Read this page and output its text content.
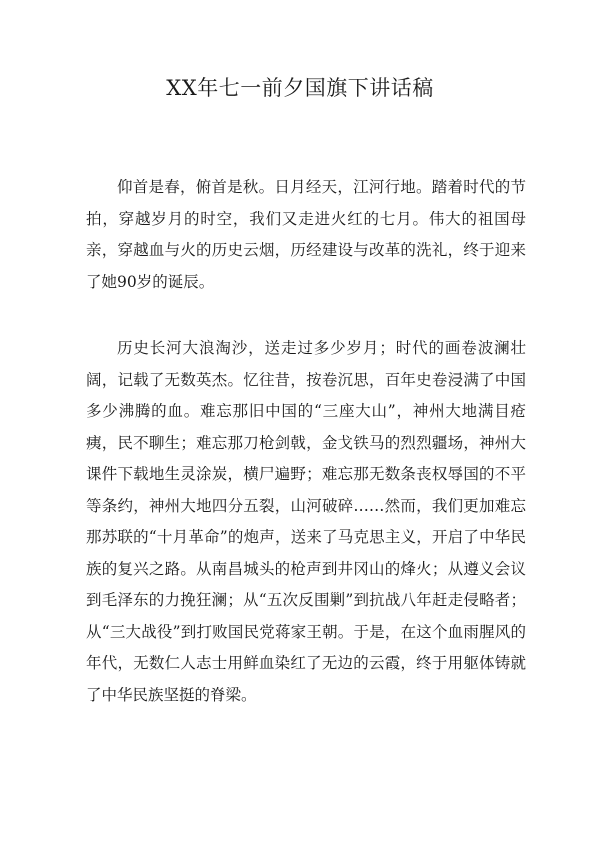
XX年七一前夕国旗下讲话稿

仰首是春，俯首是秋。日月经天，江河行地。踏着时代的节拍，穿越岁月的时空，我们又走进火红的七月。伟大的祖国母亲，穿越血与火的历史云烟，历经建设与改革的洗礼，终于迎来了她90岁的诞辰。

历史长河大浪淘沙，送走过多少岁月；时代的画卷波澜壮阔，记载了无数英杰。忆往昔，按卷沉思，百年史卷浸满了中国多少沸腾的血。难忘那旧中国的“三座大山”，神州大地满目疮痍，民不聊生；难忘那刀枪剑戟，金戈铁马的烈烈疆场，神州大课件下载地生灵涂炭，横尸遍野；难忘那无数条丧权辱国的不平等条约，神州大地四分五裂，山河破碎……然而，我们更加难忘那苏联的“十月革命”的炮声，送来了马克思主义，开启了中华民族的复兴之路。从南昌城头的枪声到井冈山的烽火；从遵义会议到毛泽东的力挽狂澜；从“五次反围剿”到抗战八年赶走侵略者；从“三大战役”到打败国民党蒋家王朝。于是，在这个血雨腥风的年代，无数仁人志士用鲜血染红了无边的云霞，终于用躯体铸就了中华民族坚挺的脊梁。
